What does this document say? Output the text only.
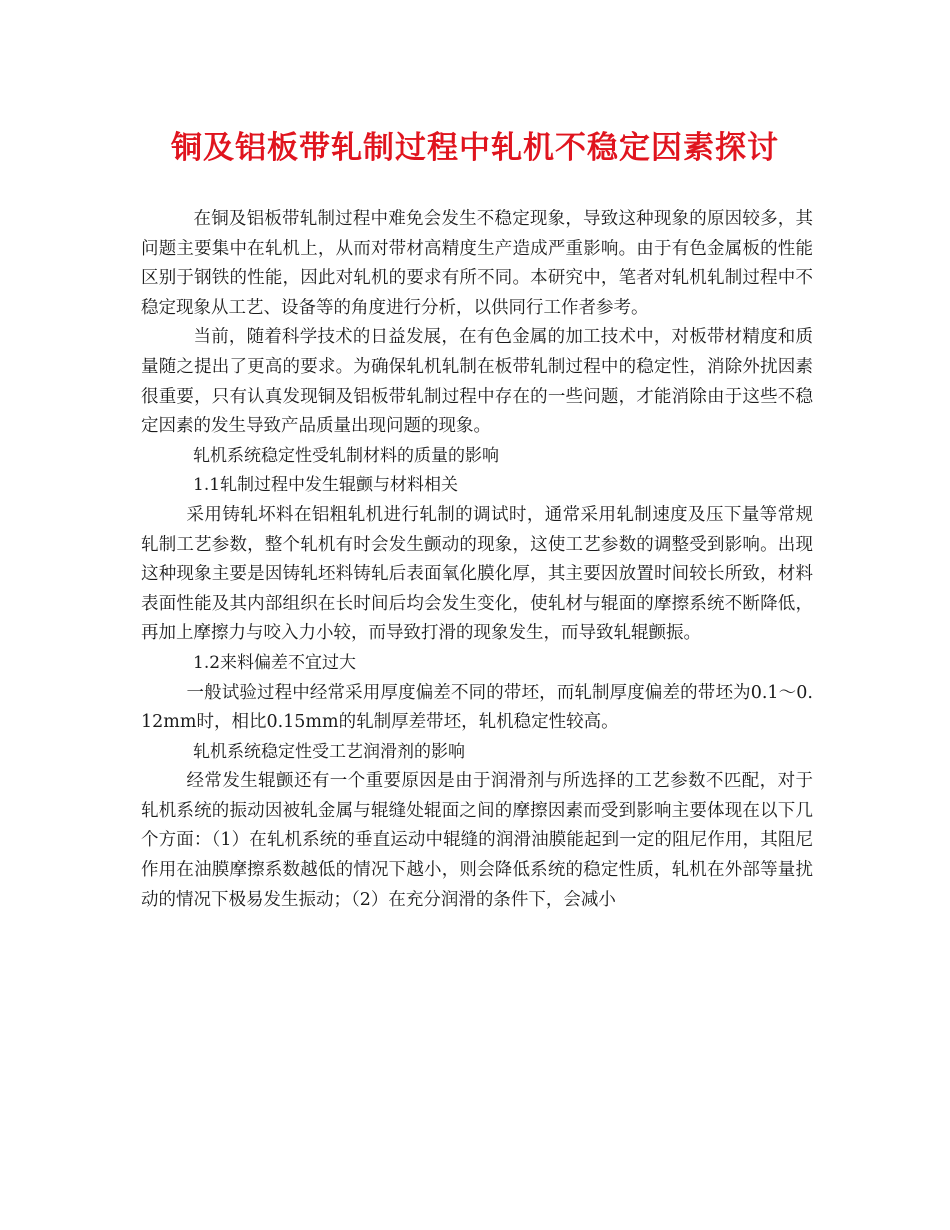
铜及铝板带轧制过程中轧机不稳定因素探讨

在铜及铝板带轧制过程中难免会发生不稳定现象，导致这种现象的原因较多，其问题主要集中在轧机上，从而对带材高精度生产造成严重影响。由于有色金属板的性能区别于钢铁的性能，因此对轧机的要求有所不同。本研究中，笔者对轧机轧制过程中不稳定现象从工艺、设备等的角度进行分析，以供同行工作者参考。

当前，随着科学技术的日益发展，在有色金属的加工技术中，对板带材精度和质量随之提出了更高的要求。为确保轧机轧制在板带轧制过程中的稳定性，消除外扰因素很重要，只有认真发现铜及铝板带轧制过程中存在的一些问题，才能消除由于这些不稳定因素的发生导致产品质量出现问题的现象。

轧机系统稳定性受轧制材料的质量的影响

1.1轧制过程中发生辊颤与材料相关

采用铸轧坏料在铝粗轧机进行轧制的调试时，通常采用轧制速度及压下量等常规轧制工艺参数，整个轧机有时会发生颤动的现象，这使工艺参数的调整受到影响。出现这种现象主要是因铸轧坯料铸轧后表面氧化膜化厚，其主要因放置时间较长所致，材料表面性能及其内部组织在长时间后均会发生变化，使轧材与辊面的摩擦系统不断降低，再加上摩擦力与咬入力小较，而导致打滑的现象发生，而导致轧辊颤振。

1.2来料偏差不宜过大

一般试验过程中经常采用厚度偏差不同的带坯，而轧制厚度偏差的带坯为0.1～0.12mm时，相比0.15mm的轧制厚差带坯，轧机稳定性较高。

轧机系统稳定性受工艺润滑剂的影响

经常发生辊颤还有一个重要原因是由于润滑剂与所选择的工艺参数不匹配，对于轧机系统的振动因被轧金属与辊缝处辊面之间的摩擦因素而受到影响主要体现在以下几个方面：（1）在轧机系统的垂直运动中辊缝的润滑油膜能起到一定的阻尼作用，其阻尼作用在油膜摩擦系数越低的情况下越小，则会降低系统的稳定性质，轧机在外部等量扰动的情况下极易发生振动；（2）在充分润滑的条件下，会减小
